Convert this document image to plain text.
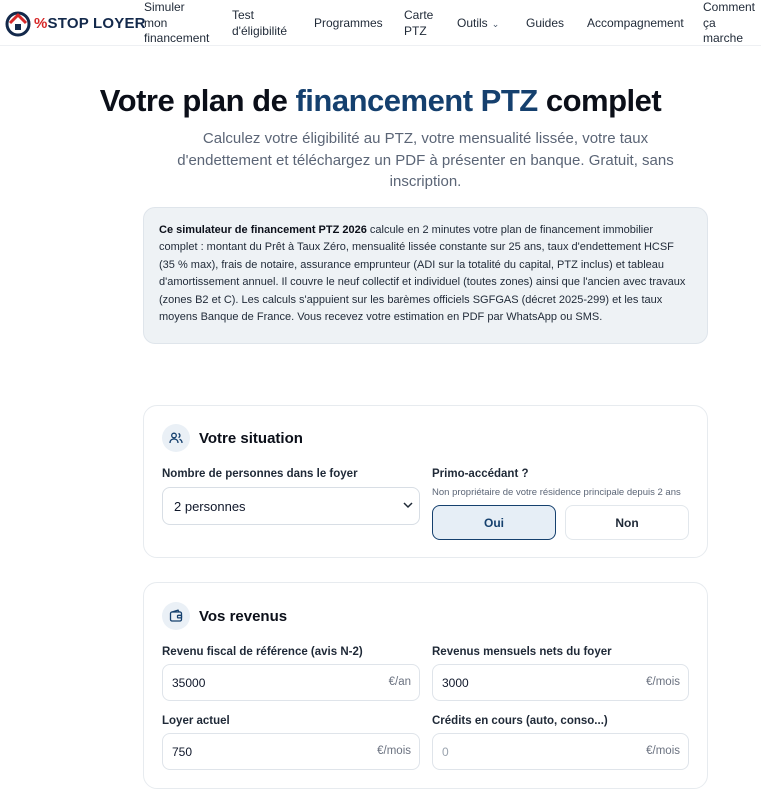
%STOP LOYER
Simuler
mon
financement
Test
d'éligibilité
Programmes
Carte
PTZ
Outils ⌄ Guides Accompagnement
Comment
ça
marche
Votre plan de financement PTZ complet

Calculez votre éligibilité au PTZ, votre mensualité lissée, votre taux d'endettement et téléchargez un PDF à présenter en banque. Gratuit, sans inscription.

Ce simulateur de financement PTZ 2026 calcule en 2 minutes votre plan de financement immobilier complet : montant du Prêt à Taux Zéro, mensualité lissée constante sur 25 ans, taux d'endettement HCSF (35 % max), frais de notaire, assurance emprunteur (ADI sur la totalité du capital, PTZ inclus) et tableau d'amortissement annuel. Il couvre le neuf collectif et individuel (toutes zones) ainsi que l'ancien avec travaux (zones B2 et C). Les calculs s'appuient sur les barèmes officiels SGFGAS (décret 2025-299) et les taux moyens Banque de France. Vous recevez votre estimation en PDF par WhatsApp ou SMS.
Votre situation
Nombre de personnes dans le foyer
2 personnes
Primo-accédant ?
Non propriétaire de votre résidence principale depuis 2 ans
Oui	Non
Vos revenus
Revenu fiscal de référence (avis N-2)
35000	€/an
Revenus mensuels nets du foyer
3000	€/mois
Loyer actuel
750	€/mois
Crédits en cours (auto, conso...)
0	€/mois
